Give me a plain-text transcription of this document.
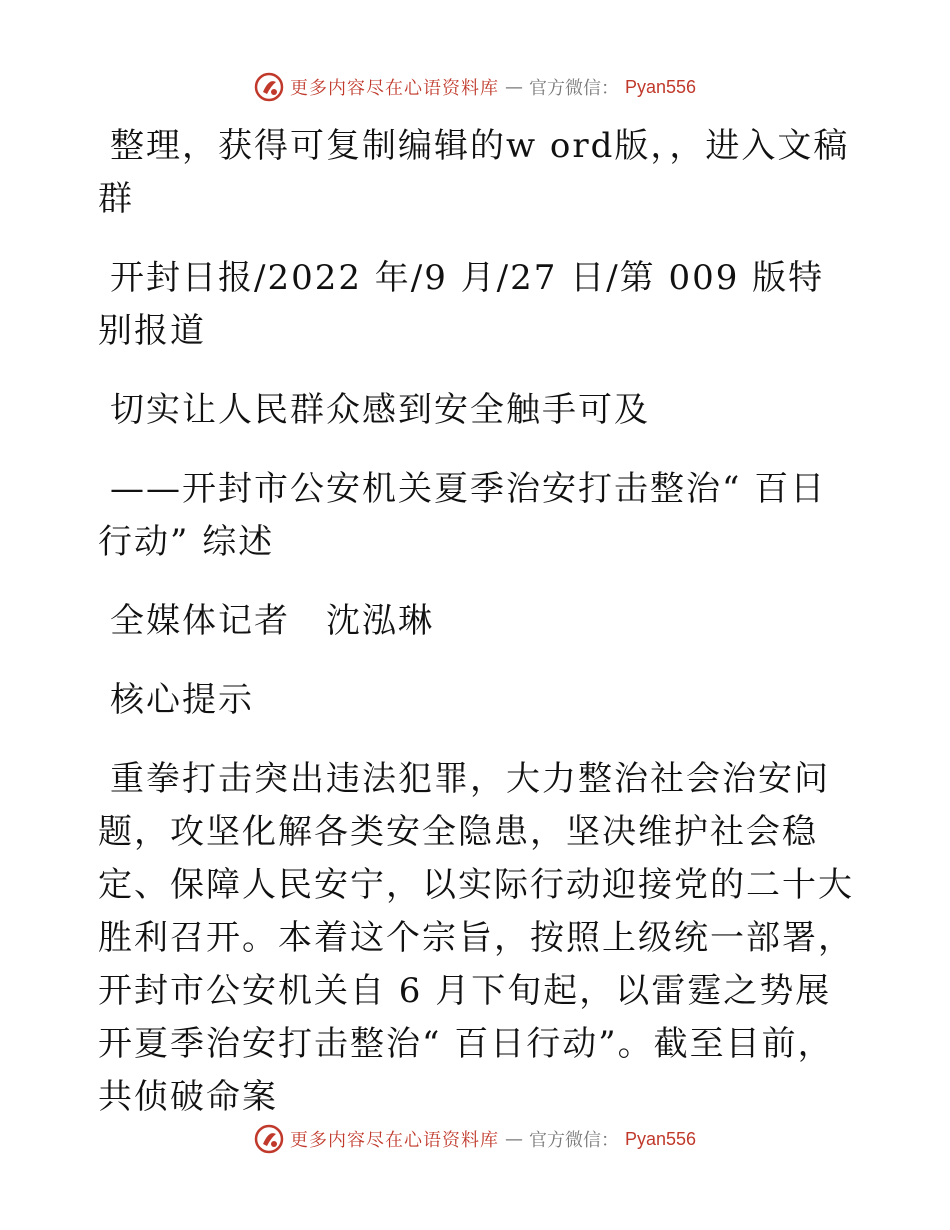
更多内容尽在心语资料库 — 官方微信： Pyan556

整理，获得可复制编辑的w ord版，，进入文稿群

开封日报/2022 年/9 月/27 日/第 009 版特别报道

切实让人民群众感到安全触手可及

——开封市公安机关夏季治安打击整治“ 百日行动” 综述

全媒体记者　沈泓琳

核心提示

重拳打击突出违法犯罪，大力整治社会治安问题，攻坚化解各类安全隐患，坚决维护社会稳定、保障人民安宁，以实际行动迎接党的二十大胜利召开。本着这个宗旨，按照上级统一部署，开封市公安机关自 6 月下旬起，以雷霆之势展开夏季治安打击整治“ 百日行动”。截至目前，共侦破命案

更多内容尽在心语资料库 — 官方微信： Pyan556
